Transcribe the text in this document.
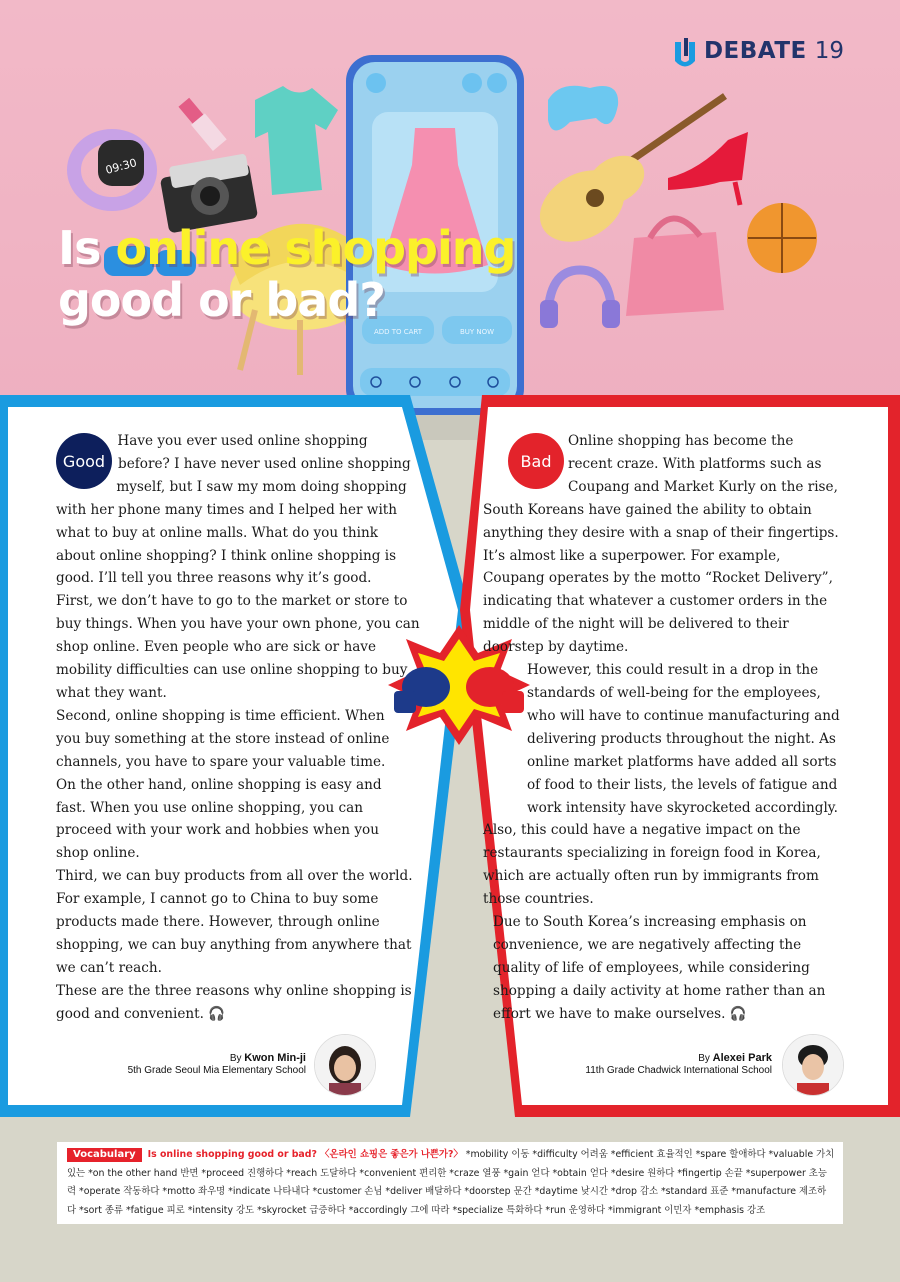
09:30
ADD TO CART	BUY NOW
DEBATE 19
Is online shopping
good or bad?
Good

Have you ever used online shopping before? I have never used online shopping myself, but I saw my mom doing shopping with her phone many times and I helped her with what to buy at online malls. What do you think about online shopping? I think online shopping is good. I’ll tell you three reasons why it’s good.

First, we don’t have to go to the market or store to buy things. When you have your own phone, you can shop online. Even people who are sick or have mobility difficulties can use online shopping to buy what they want.

Second, online shopping is time efficient. When you buy something at the store instead of online channels, you have to spare your valuable time. On the other hand, online shopping is easy and fast. When you use online shopping, you can proceed with your work and hobbies when you shop online.

Third, we can buy products from all over the world. For example, I cannot go to China to buy some products made there. However, through online shopping, we can buy anything from anywhere that we can’t reach.

These are the three reasons why online shopping is good and convenient. 🎧

By Kwon Min-ji
5th Grade Seoul Mia Elementary School
Bad

Online shopping has become the recent craze. With platforms such as Coupang and Market Kurly on the rise, South Koreans have gained the ability to obtain anything they desire with a snap of their fingertips. It’s almost like a superpower. For example, Coupang operates by the motto “Rocket Delivery”, indicating that whatever a customer orders in the middle of the night will be delivered to their doorstep by daytime.

However, this could result in a drop in the standards of well-being for the employees, who will have to continue manufacturing and delivering products throughout the night. As online market platforms have added all sorts of food to their lists, the levels of fatigue and work intensity have skyrocketed accordingly.

Also, this could have a negative impact on the restaurants specializing in foreign food in Korea, which are actually often run by immigrants from those countries.

Due to South Korea’s increasing emphasis on convenience, we are negatively affecting the quality of life of employees, while considering shopping a daily activity at home rather than an effort we have to make ourselves. 🎧

By Alexei Park
11th Grade Chadwick International School
Vocabulary Is online shopping good or bad? 〈온라인 쇼핑은 좋은가 나쁜가?〉 *mobility 이동 *difficulty 어려움 *efficient 효율적인 *spare 할애하다 *valuable 가치있는 *on the other hand 반면 *proceed 진행하다 *reach 도달하다 *convenient 편리한 *craze 열풍 *gain 얻다 *obtain 얻다 *desire 원하다 *fingertip 손끝 *superpower 초능력 *operate 작동하다 *motto 좌우명 *indicate 나타내다 *customer 손님 *deliver 배달하다 *doorstep 문간 *daytime 낮시간 *drop 감소 *standard 표준 *manufacture 제조하다 *sort 종류 *fatigue 피로 *intensity 강도 *skyrocket 급증하다 *accordingly 그에 따라 *specialize 특화하다 *run 운영하다 *immigrant 이민자 *emphasis 강조
